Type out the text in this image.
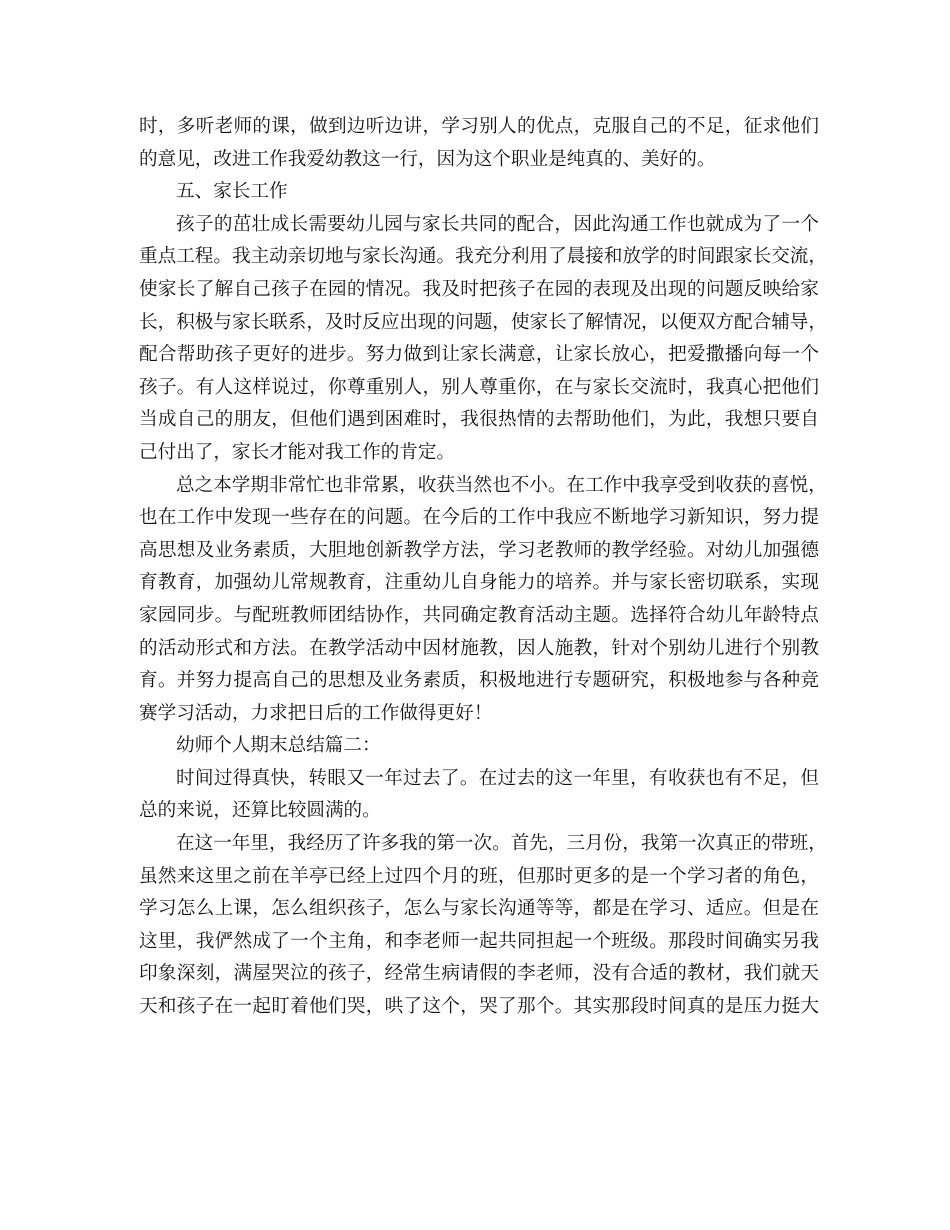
时，多听老师的课，做到边听边讲，学习别人的优点，克服自己的不足，征求他们
的意见，改进工作我爱幼教这一行，因为这个职业是纯真的、美好的。
五、家长工作
孩子的茁壮成长需要幼儿园与家长共同的配合，因此沟通工作也就成为了一个
重点工程。我主动亲切地与家长沟通。我充分利用了晨接和放学的时间跟家长交流，
使家长了解自己孩子在园的情况。我及时把孩子在园的表现及出现的问题反映给家
长，积极与家长联系，及时反应出现的问题，使家长了解情况，以便双方配合辅导，
配合帮助孩子更好的进步。努力做到让家长满意，让家长放心，把爱撒播向每一个
孩子。有人这样说过，你尊重别人，别人尊重你，在与家长交流时，我真心把他们
当成自己的朋友，但他们遇到困难时，我很热情的去帮助他们，为此，我想只要自
己付出了，家长才能对我工作的肯定。
总之本学期非常忙也非常累，收获当然也不小。在工作中我享受到收获的喜悦，
也在工作中发现一些存在的问题。在今后的工作中我应不断地学习新知识，努力提
高思想及业务素质，大胆地创新教学方法，学习老教师的教学经验。对幼儿加强德
育教育，加强幼儿常规教育，注重幼儿自身能力的培养。并与家长密切联系，实现
家园同步。与配班教师团结协作，共同确定教育活动主题。选择符合幼儿年龄特点
的活动形式和方法。在教学活动中因材施教，因人施教，针对个别幼儿进行个别教
育。并努力提高自己的思想及业务素质，积极地进行专题研究，积极地参与各种竞
赛学习活动，力求把日后的工作做得更好！
幼师个人期末总结篇二：
时间过得真快，转眼又一年过去了。在过去的这一年里，有收获也有不足，但
总的来说，还算比较圆满的。
在这一年里，我经历了许多我的第一次。首先，三月份，我第一次真正的带班，
虽然来这里之前在羊亭已经上过四个月的班，但那时更多的是一个学习者的角色，
学习怎么上课，怎么组织孩子，怎么与家长沟通等等，都是在学习、适应。但是在
这里，我俨然成了一个主角，和李老师一起共同担起一个班级。那段时间确实另我
印象深刻，满屋哭泣的孩子，经常生病请假的李老师，没有合适的教材，我们就天
天和孩子在一起盯着他们哭，哄了这个，哭了那个。其实那段时间真的是压力挺大
